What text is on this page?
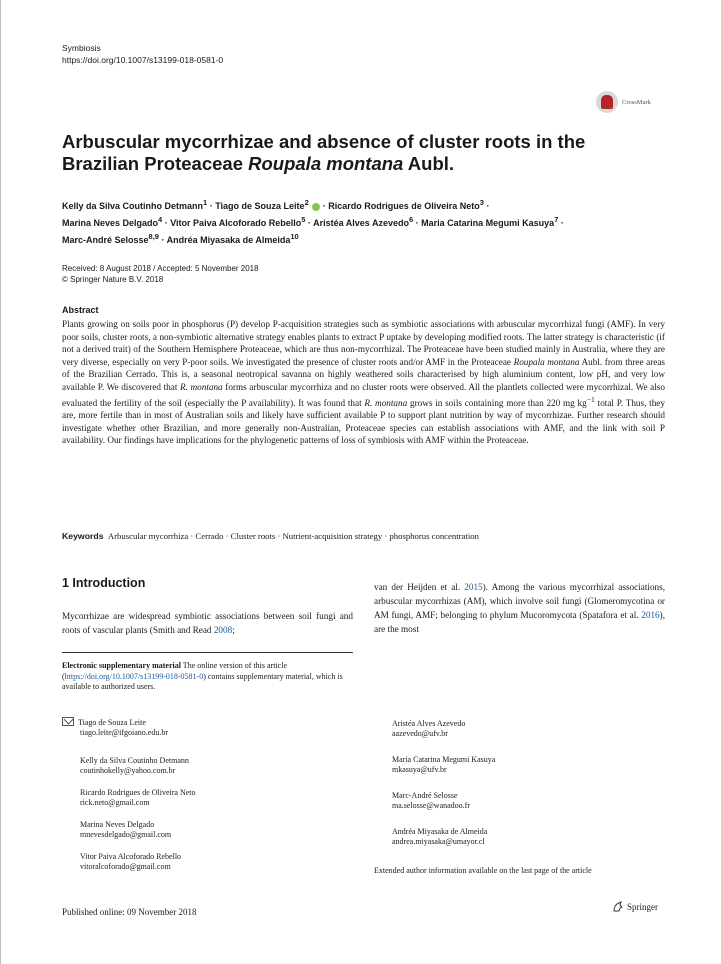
Symbiosis
https://doi.org/10.1007/s13199-018-0581-0
CrossMark
Arbuscular mycorrhizae and absence of cluster roots in the Brazilian Proteaceae Roupala montana Aubl.
Kelly da Silva Coutinho Detmann$^1$ · Tiago de Souza Leite$^2$  · Ricardo Rodrigues de Oliveira Neto$^3$ ·
Marina Neves Delgado$^4$ · Vitor Paiva Alcoforado Rebello$^5$ · Aristéa Alves Azevedo$^6$ · Maria Catarina Megumi Kasuya$^7$ ·
Marc-André Selosse$^{8,9}$ · Andréa Miyasaka de Almeida$^{10}$
Received: 8 August 2018 / Accepted: 5 November 2018
© Springer Nature B.V. 2018
Abstract
Plants growing on soils poor in phosphorus (P) develop P-acquisition strategies such as symbiotic associations with arbuscular mycorrhizal fungi (AMF). In very poor soils, cluster roots, a non-symbiotic alternative strategy enables plants to extract P uptake by developing modified roots. The latter strategy is characteristic (if not a derived trait) of the Southern Hemisphere Proteaceae, which are thus non-mycorrhizal. The Proteaceae have been studied mainly in Australia, where they are very diverse, especially on very P-poor soils. We investigated the presence of cluster roots and/or AMF in the Proteaceae Roupala montana Aubl. from three areas of the Brazilian Cerrado. This is, a seasonal neotropical savanna on highly weathered soils characterised by high aluminium content, low pH, and very low available P. We discovered that R. montana forms arbuscular mycorrhiza and no cluster roots were observed. All the plantlets collected were mycorrhizal. We also evaluated the fertility of the soil (especially the P availability). It was found that R. montana grows in soils containing more than 220 mg $kg^{-1}$ total P. Thus, they are, more fertile than in most of Australian soils and likely have sufficient available P to support plant nutrition by way of mycorrhizae. Further research should investigate whether other Brazilian, and more generally non-Australian, Proteaceae species can establish associations with AMF, and the link with soil P availability. Our findings have implications for the phylogenetic patterns of loss of symbiosis with AMF within the Proteaceae.
Keywords Arbuscular mycorrhiza · Cerrado · Cluster roots · Nutrient-acquisition strategy · phosphorus concentration
1 Introduction
Mycorrhizae are widespread symbiotic associations between soil fungi and roots of vascular plants (Smith and Read 2008;
van der Heijden et al. 2015). Among the various mycorrhizal associations, arbuscular mycorrhizas (AM), which involve soil fungi (Glomeromycotina or AM fungi, AMF; belonging to phylum Mucoromycota (Spatafora et al. 2016), are the most
Electronic supplementary material The online version of this article (https://doi.org/10.1007/s13199-018-0581-0) contains supplementary material, which is available to authorized users.
Tiago de Souza Leite
tiago.leite@ifgoiano.edu.br
Kelly da Silva Coutinho Detmann
coutinhokelly@yahoo.com.br
Ricardo Rodrigues de Oliveira Neto
rick.neto@gmail.com
Marina Neves Delgado
mnevesdelgado@gmail.com
Vitor Paiva Alcoforado Rebello
vitoralcoforado@gmail.com
Aristéa Alves Azevedo
aazevedo@ufv.br
Maria Catarina Megumi Kasuya
mkasuya@ufv.br
Marc-André Selosse
ma.selosse@wanadoo.fr
Andréa Miyasaka de Almeida
andrea.miyasaka@umayor.cl
Extended author information available on the last page of the article
Published online: 09 November 2018	Springer
